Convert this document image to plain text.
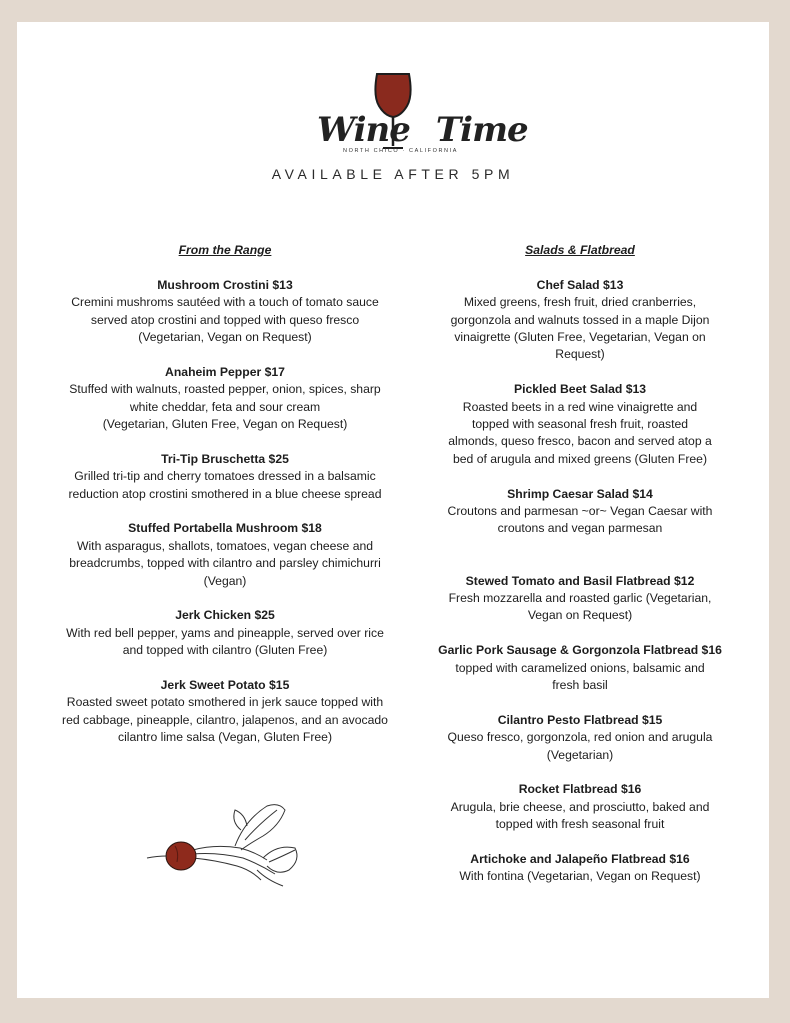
Wine Time
NORTH CHICO · CALIFORNIA
AVAILABLE AFTER 5PM
From the Range
Mushroom Crostini $13
Cremini mushroms sautéed with a touch of tomato sauce
served atop crostini and topped with queso fresco
(Vegetarian, Vegan on Request)
Anaheim Pepper $17
Stuffed with walnuts, roasted pepper, onion, spices, sharp
white cheddar, feta and sour cream
(Vegetarian, Gluten Free, Vegan on Request)
Tri-Tip Bruschetta $25
Grilled tri-tip and cherry tomatoes dressed in a balsamic
reduction atop crostini smothered in a blue cheese spread
Stuffed Portabella Mushroom $18
With asparagus, shallots, tomatoes, vegan cheese and
breadcrumbs, topped with cilantro and parsley chimichurri
(Vegan)
Jerk Chicken $25
With red bell pepper, yams and pineapple, served over rice
and topped with cilantro (Gluten Free)
Jerk Sweet Potato $15
Roasted sweet potato smothered in jerk sauce topped with
red cabbage, pineapple, cilantro, jalapenos, and an avocado
cilantro lime salsa (Vegan, Gluten Free)
Salads & Flatbread
Chef Salad $13
Mixed greens, fresh fruit, dried cranberries,
gorgonzola and walnuts tossed in a maple Dijon
vinaigrette (Gluten Free, Vegetarian, Vegan on
Request)
Pickled Beet Salad $13
Roasted beets in a red wine vinaigrette and
topped with seasonal fresh fruit, roasted
almonds, queso fresco, bacon and served atop a
bed of arugula and mixed greens (Gluten Free)
Shrimp Caesar Salad $14
Croutons and parmesan ~or~ Vegan Caesar with
croutons and vegan parmesan
Stewed Tomato and Basil Flatbread $12
Fresh mozzarella and roasted garlic (Vegetarian,
Vegan on Request)
Garlic Pork Sausage & Gorgonzola Flatbread $16
topped with caramelized onions, balsamic and
fresh basil
Cilantro Pesto Flatbread $15
Queso fresco, gorgonzola, red onion and arugula
(Vegetarian)
Rocket Flatbread $16
Arugula, brie cheese, and prosciutto, baked and
topped with fresh seasonal fruit
Artichoke and Jalapeño Flatbread $16
With fontina (Vegetarian, Vegan on Request)
